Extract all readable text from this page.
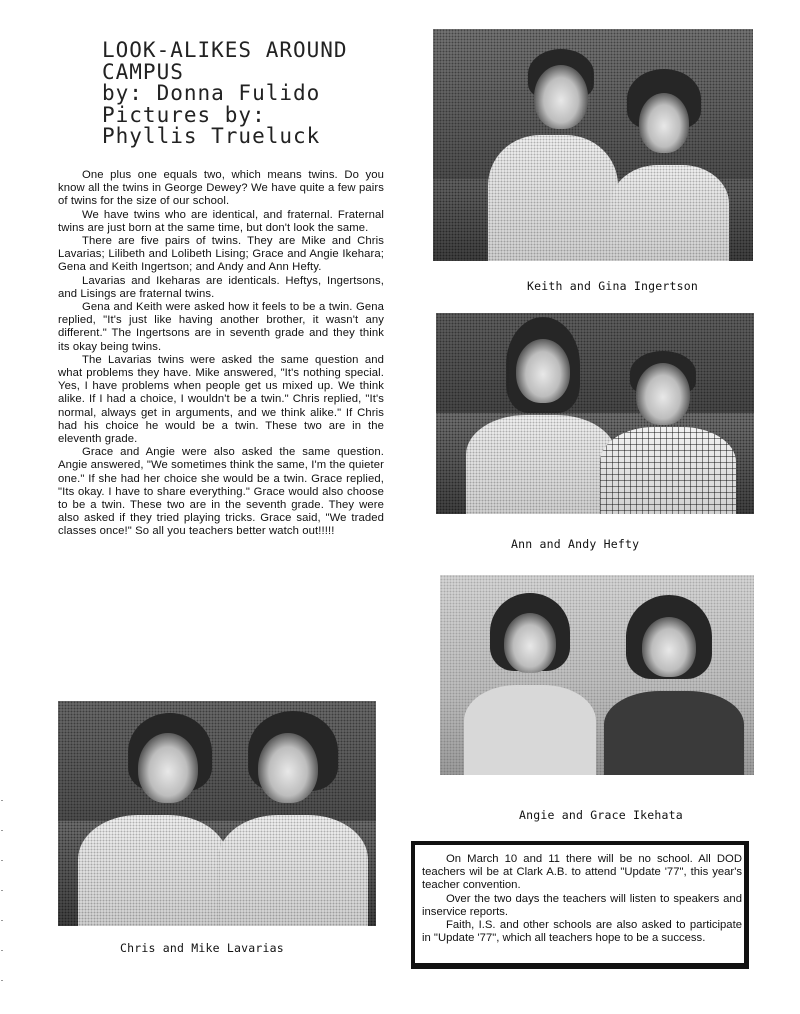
LOOK-ALIKES AROUND
CAMPUS
by: Donna Fulido
Pictures by:
Phyllis Trueluck

One plus one equals two, which means twins. Do you know all the twins in George Dewey? We have quite a few pairs of twins for the size of our school.

We have twins who are identical, and fraternal. Fraternal twins are just born at the same time, but don't look the same.

There are five pairs of twins. They are Mike and Chris Lavarias; Lilibeth and Lolibeth Lising; Grace and Angie Ikehara; Gena and Keith Ingertson; and Andy and Ann Hefty.

Lavarias and Ikeharas are identicals. Heftys, Ingertsons, and Lisings are fraternal twins.

Gena and Keith were asked how it feels to be a twin. Gena replied, "It's just like having another brother, it wasn't any different." The Ingertsons are in seventh grade and they think its okay being twins.

The Lavarias twins were asked the same question and what problems they have. Mike answered, "It's nothing special. Yes, I have problems when people get us mixed up. We think alike. If I had a choice, I wouldn't be a twin." Chris replied, "It's normal, always get in arguments, and we think alike." If Chris had his choice he would be a twin. These two are in the eleventh grade.

Grace and Angie were also asked the same question. Angie answered, "We sometimes think the same, I'm the quieter one." If she had her choice she would be a twin. Grace replied, "Its okay. I have to share everything." Grace would also choose to be a twin. These two are in the seventh grade. They were also asked if they tried playing tricks. Grace said, "We traded classes once!" So all you teachers better watch out!!!!!

Keith and Gina Ingertson
Ann and Andy Hefty
Angie and Grace Ikehata
Chris and Mike Lavarias

On March 10 and 11 there will be no school. All DOD teachers wil be at Clark A.B. to attend "Update '77", this year's teacher convention.

Over the two days the teachers will listen to speakers and inservice reports.

Faith, I.S. and other schools are also asked to participate in "Update '77", which all teachers hope to be a success.
